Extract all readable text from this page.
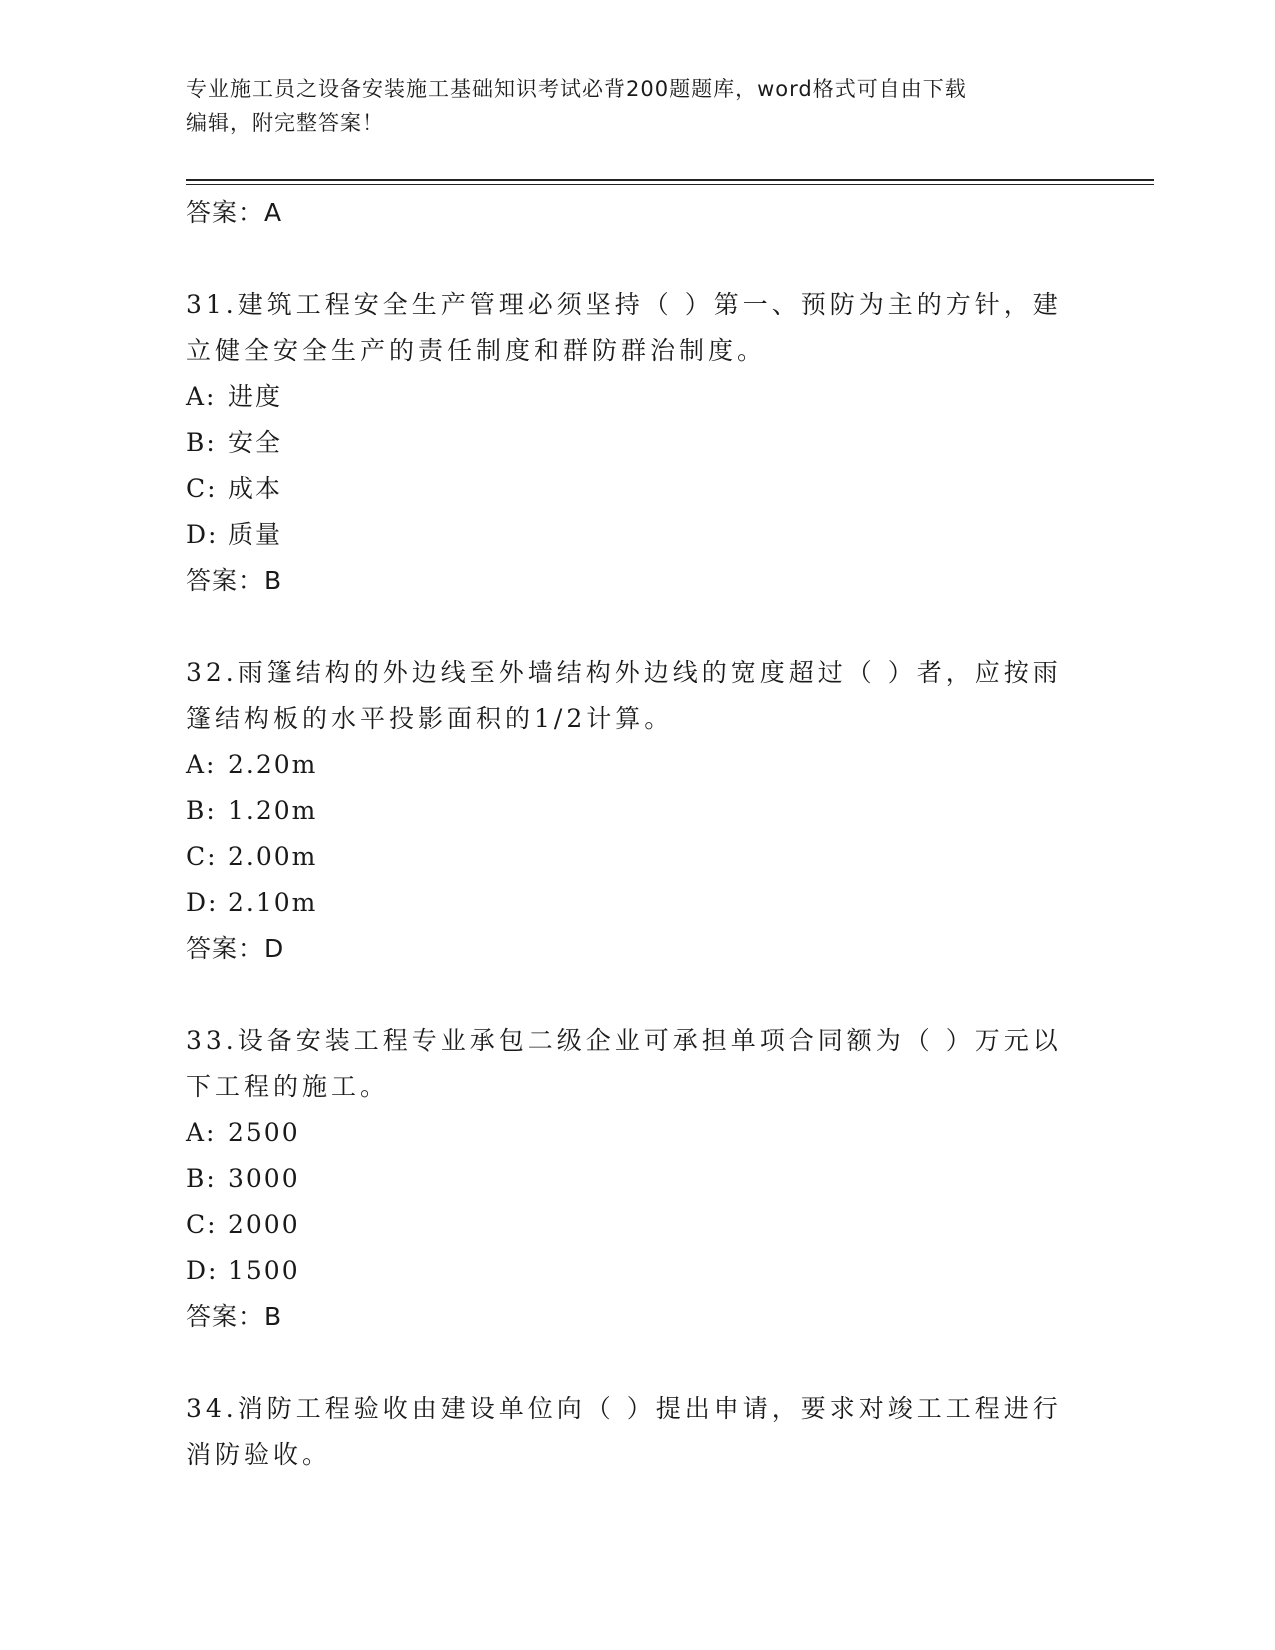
专业施工员之设备安装施工基础知识考试必背200题题库，word格式可自由下载
编辑，附完整答案！
答案：A
31.建筑工程安全生产管理必须坚持（ ）第一、预防为主的方针，建
立健全安全生产的责任制度和群防群治制度。
A: 进度
B: 安全
C: 成本
D: 质量
答案：B
32.雨篷结构的外边线至外墙结构外边线的宽度超过（ ）者，应按雨
篷结构板的水平投影面积的1/2计算。
A: 2.20m
B: 1.20m
C: 2.00m
D: 2.10m
答案：D
33.设备安装工程专业承包二级企业可承担单项合同额为（ ）万元以
下工程的施工。
A: 2500
B: 3000
C: 2000
D: 1500
答案：B
34.消防工程验收由建设单位向（ ）提出申请，要求对竣工工程进行
消防验收。
